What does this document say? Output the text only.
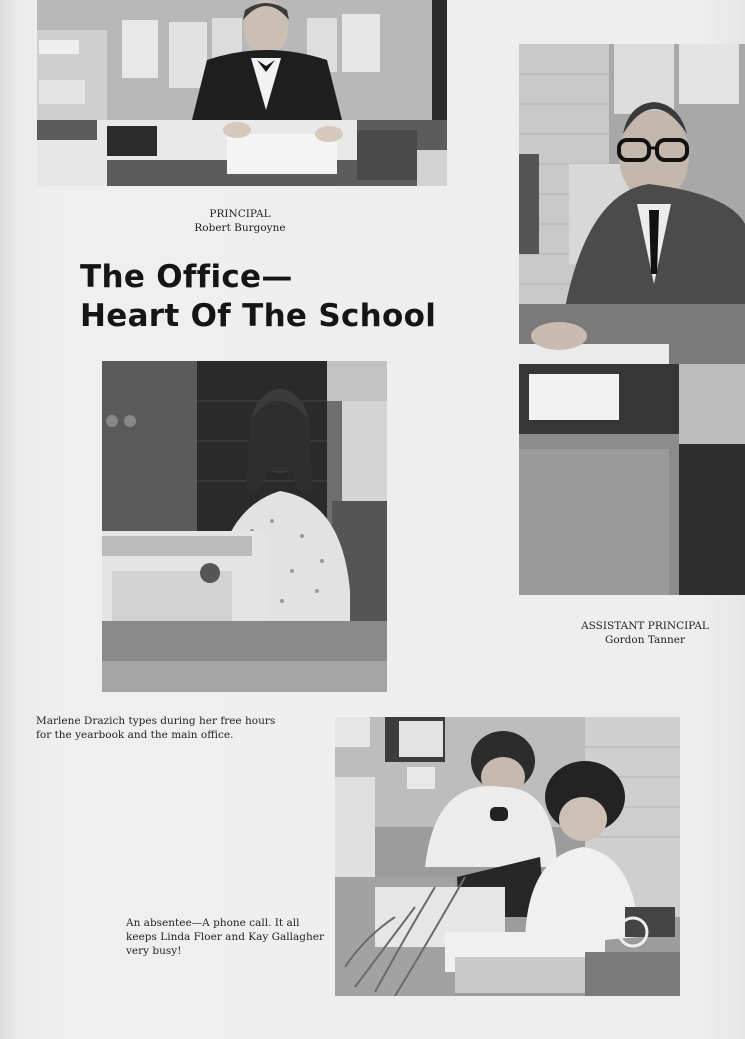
PRINCIPAL
Robert Burgoyne
ASSISTANT PRINCIPAL
Gordon Tanner
The Office—
Heart Of The School
Marlene Drazich types during her free hours
for the yearbook and the main office.
An absentee—A phone call. It all
keeps Linda Floer and Kay Gallagher
very busy!
